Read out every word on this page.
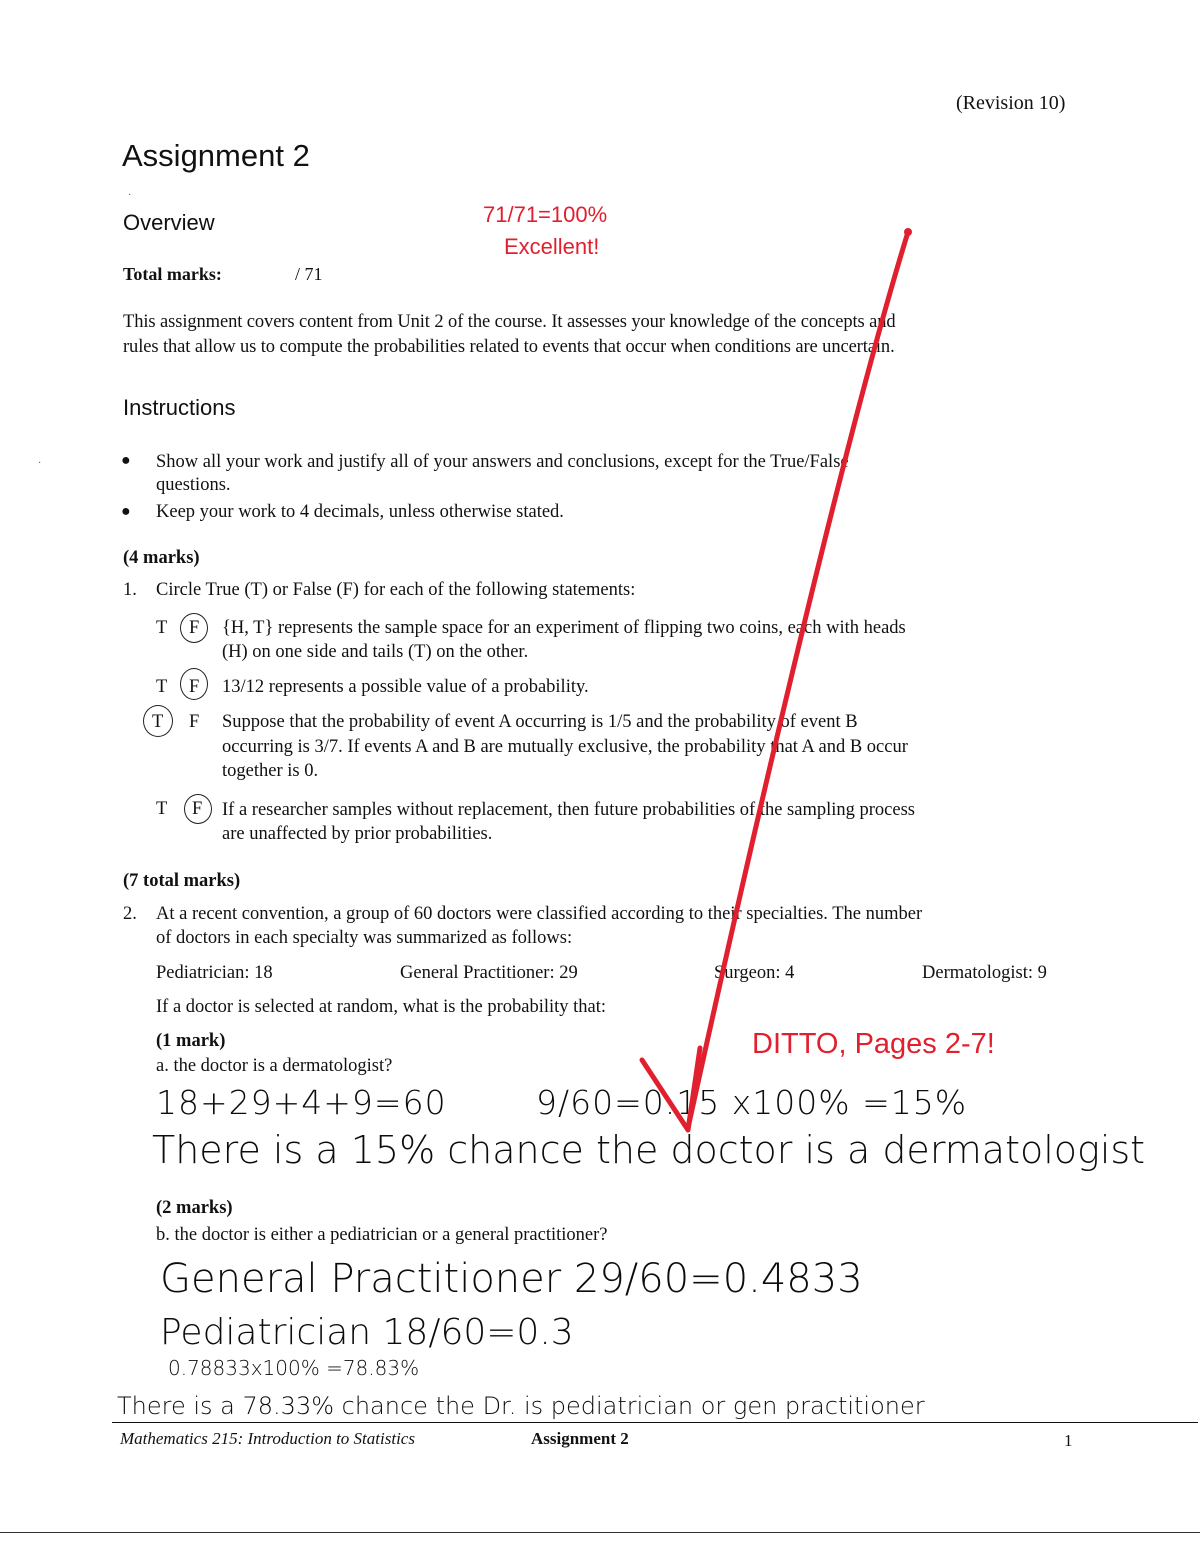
(Revision 10)
Assignment 2
·
Overview	71/71=100%
Excellent!
Total marks:	/ 71
This assignment covers content from Unit 2 of the course. It assesses your knowledge of the concepts and
rules that allow us to compute the probabilities related to events that occur when conditions are uncertain.
Instructions
·	● Show all your work and justify all of your answers and conclusions, except for the True/False
questions.
● Keep your work to 4 decimals, unless otherwise stated.
(4 marks)
1. Circle True (T) or False (F) for each of the following statements:
T F {H, T} represents the sample space for an experiment of flipping two coins, each with heads
(H) on one side and tails (T) on the other.
T F 13/12 represents a possible value of a probability.
T F Suppose that the probability of event A occurring is 1/5 and the probability of event B
occurring is 3/7. If events A and B are mutually exclusive, the probability that A and B occur
together is 0.
T F If a researcher samples without replacement, then future probabilities of the sampling process
are unaffected by prior probabilities.
(7 total marks)
2. At a recent convention, a group of 60 doctors were classified according to their specialties. The number
of doctors in each specialty was summarized as follows:
Pediatrician: 18	General Practitioner: 29	Surgeon: 4	Dermatologist: 9
If a doctor is selected at random, what is the probability that:
DITTO, Pages 2-7!
(1 mark)
a. the doctor is a dermatologist?
18+29+4+9=60	9/60=0.15 x100% =15%
There is a 15% chance the doctor is a dermatologist
(2 marks)
b. the doctor is either a pediatrician or a general practitioner?
General Practitioner 29/60=0.4833
Pediatrician 18/60=0.3
0.78833x100% =78.83%
There is a 78.33% chance the Dr. is pediatrician or gen practitioner
Mathematics 215: Introduction to Statistics	Assignment 2	1
